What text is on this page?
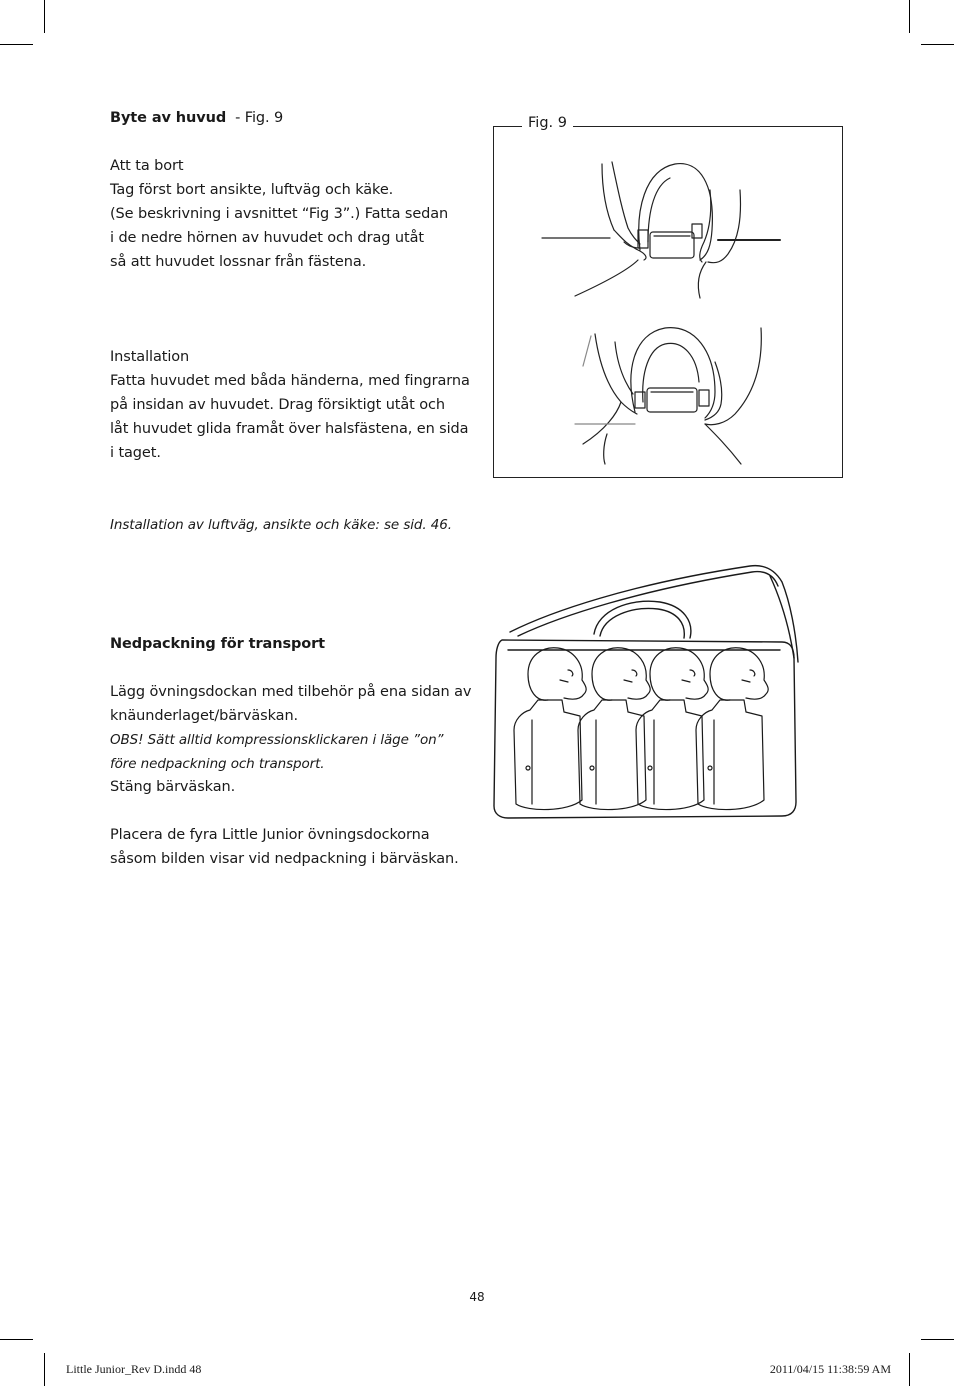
Byte av huvud - Fig. 9
Att ta bort
Tag först bort ansikte, luftväg och käke.
(Se beskrivning i avsnittet “Fig 3”.) Fatta sedan
i de nedre hörnen av huvudet och drag utåt
så att huvudet lossnar från fästena.
Installation
Fatta huvudet med båda händerna, med fingrarna
på insidan av huvudet. Drag försiktigt utåt och
låt huvudet glida framåt över halsfästena, en sida
i taget.
Installation av luftväg, ansikte och käke: se sid. 46.
Nedpackning för transport
Lägg övningsdockan med tilbehör på ena sidan av
knäunderlaget/bärväskan.
OBS! Sätt alltid kompressionsklickaren i läge ”on”
före nedpackning och transport.
Stäng bärväskan.
Placera de fyra Little Junior övningsdockorna
såsom bilden visar vid nedpackning i bärväskan.
Fig. 9
48
Little Junior_Rev D.indd 48	2011/04/15 11:38:59 AM
